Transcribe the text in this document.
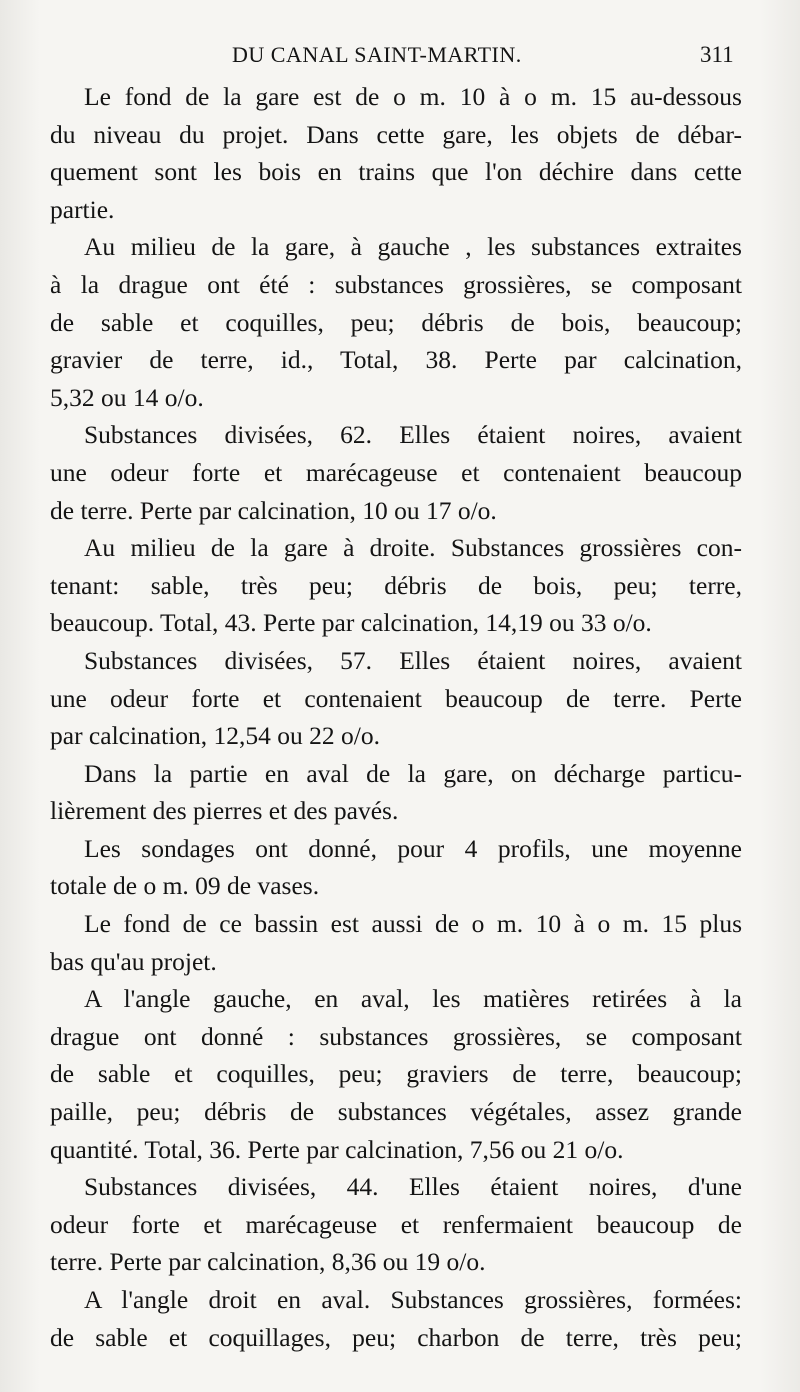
DU CANAL SAINT-MARTIN.	311
Le fond de la gare est de o m. 10 à o m. 15 au-dessous
du niveau du projet. Dans cette gare, les objets de débar-
quement sont les bois en trains que l'on déchire dans cette
partie.
Au milieu de la gare, à gauche , les substances extraites
à la drague ont été : substances grossières, se composant
de sable et coquilles, peu; débris de bois, beaucoup;
gravier de terre, id., Total, 38. Perte par calcination,
5,32 ou 14 o/o.
Substances divisées, 62. Elles étaient noires, avaient
une odeur forte et marécageuse et contenaient beaucoup
de terre. Perte par calcination, 10 ou 17 o/o.
Au milieu de la gare à droite. Substances grossières con-
tenant: sable, très peu; débris de bois, peu; terre,
beaucoup. Total, 43. Perte par calcination, 14,19 ou 33 o/o.
Substances divisées, 57. Elles étaient noires, avaient
une odeur forte et contenaient beaucoup de terre. Perte
par calcination, 12,54 ou 22 o/o.
Dans la partie en aval de la gare, on décharge particu-
lièrement des pierres et des pavés.
Les sondages ont donné, pour 4 profils, une moyenne
totale de o m. 09 de vases.
Le fond de ce bassin est aussi de o m. 10 à o m. 15 plus
bas qu'au projet.
A l'angle gauche, en aval, les matières retirées à la
drague ont donné : substances grossières, se composant
de sable et coquilles, peu; graviers de terre, beaucoup;
paille, peu; débris de substances végétales, assez grande
quantité. Total, 36. Perte par calcination, 7,56 ou 21 o/o.
Substances divisées, 44. Elles étaient noires, d'une
odeur forte et marécageuse et renfermaient beaucoup de
terre. Perte par calcination, 8,36 ou 19 o/o.
A l'angle droit en aval. Substances grossières, formées:
de sable et coquillages, peu; charbon de terre, très peu;
